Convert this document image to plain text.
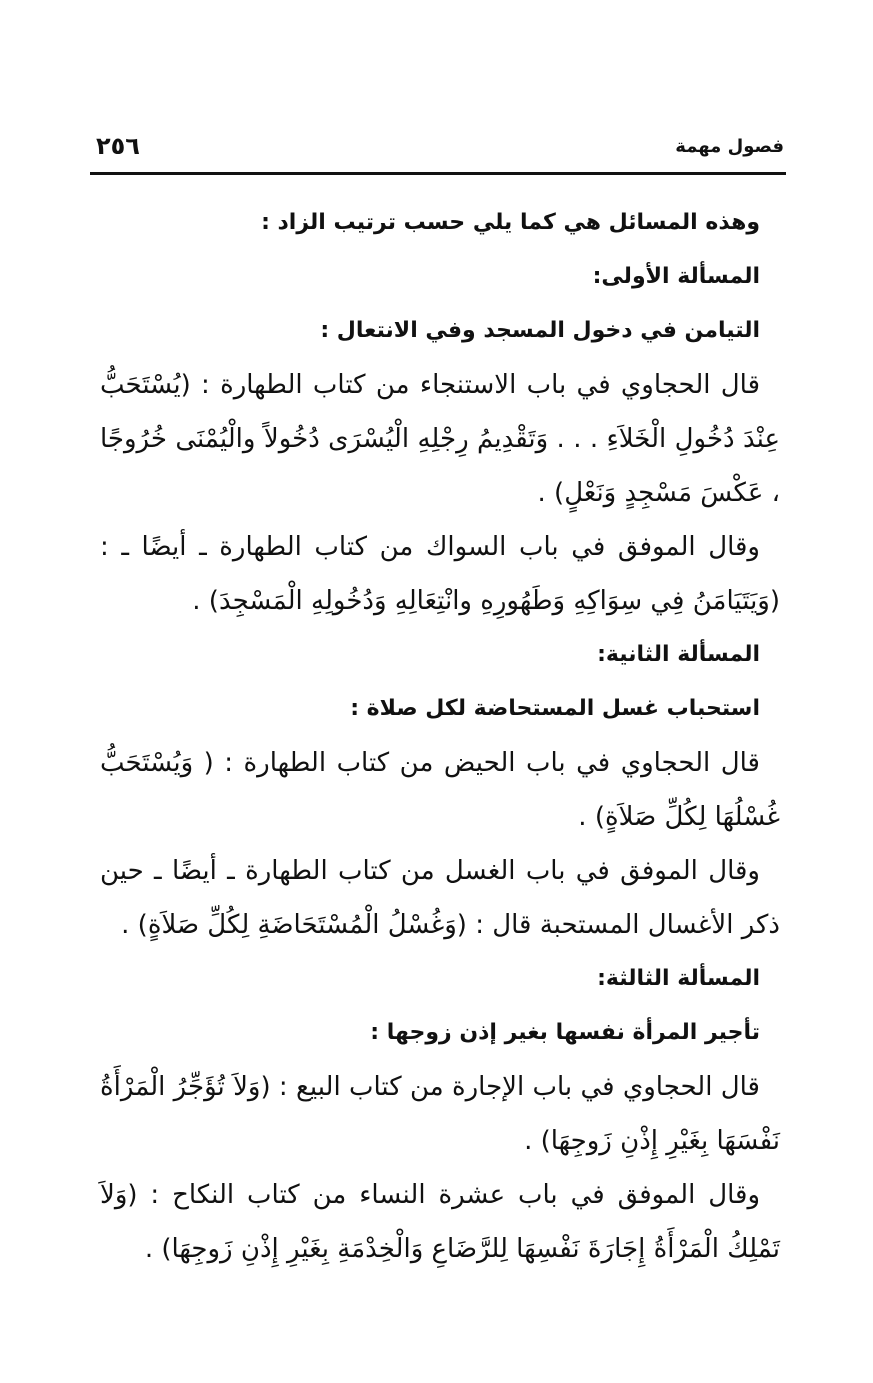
٢٥٦	فصول مهمة

وهذه المسائل هي كما يلي حسب ترتيب الزاد :

المسألة الأولى:

التيامن في دخول المسجد وفي الانتعال :

قال الحجاوي في باب الاستنجاء من كتاب الطهارة : (يُسْتَحَبُّ عِنْدَ دُخُولِ الْخَلاَءِ . . . وَتَقْدِيمُ رِجْلِهِ الْيُسْرَى دُخُولاً والْيُمْنَى خُرُوجًا ، عَكْسَ مَسْجِدٍ وَنَعْلٍ) .

وقال الموفق في باب السواك من كتاب الطهارة ـ أيضًا ـ : (وَيَتَيَامَنُ فِي سِوَاكِهِ وَطَهُورِهِ وانْتِعَالِهِ وَدُخُولِهِ الْمَسْجِدَ) .

المسألة الثانية:

استحباب غسل المستحاضة لكل صلاة :

قال الحجاوي في باب الحيض من كتاب الطهارة : ( وَيُسْتَحَبُّ غُسْلُهَا لِكُلِّ صَلاَةٍ) .

وقال الموفق في باب الغسل من كتاب الطهارة ـ أيضًا ـ حين ذكر الأغسال المستحبة قال : (وَغُسْلُ الْمُسْتَحَاضَةِ لِكُلِّ صَلاَةٍ) .

المسألة الثالثة:

تأجير المرأة نفسها بغير إذن زوجها :

قال الحجاوي في باب الإجارة من كتاب البيع : (وَلاَ تُؤَجِّرُ الْمَرْأَةُ نَفْسَهَا بِغَيْرِ إِذْنِ زَوجِهَا) .

وقال الموفق في باب عشرة النساء من كتاب النكاح : (وَلاَ تَمْلِكُ الْمَرْأَةُ إِجَارَةَ نَفْسِهَا لِلرَّضَاعِ وَالْخِدْمَةِ بِغَيْرِ إِذْنِ زَوجِهَا) .
